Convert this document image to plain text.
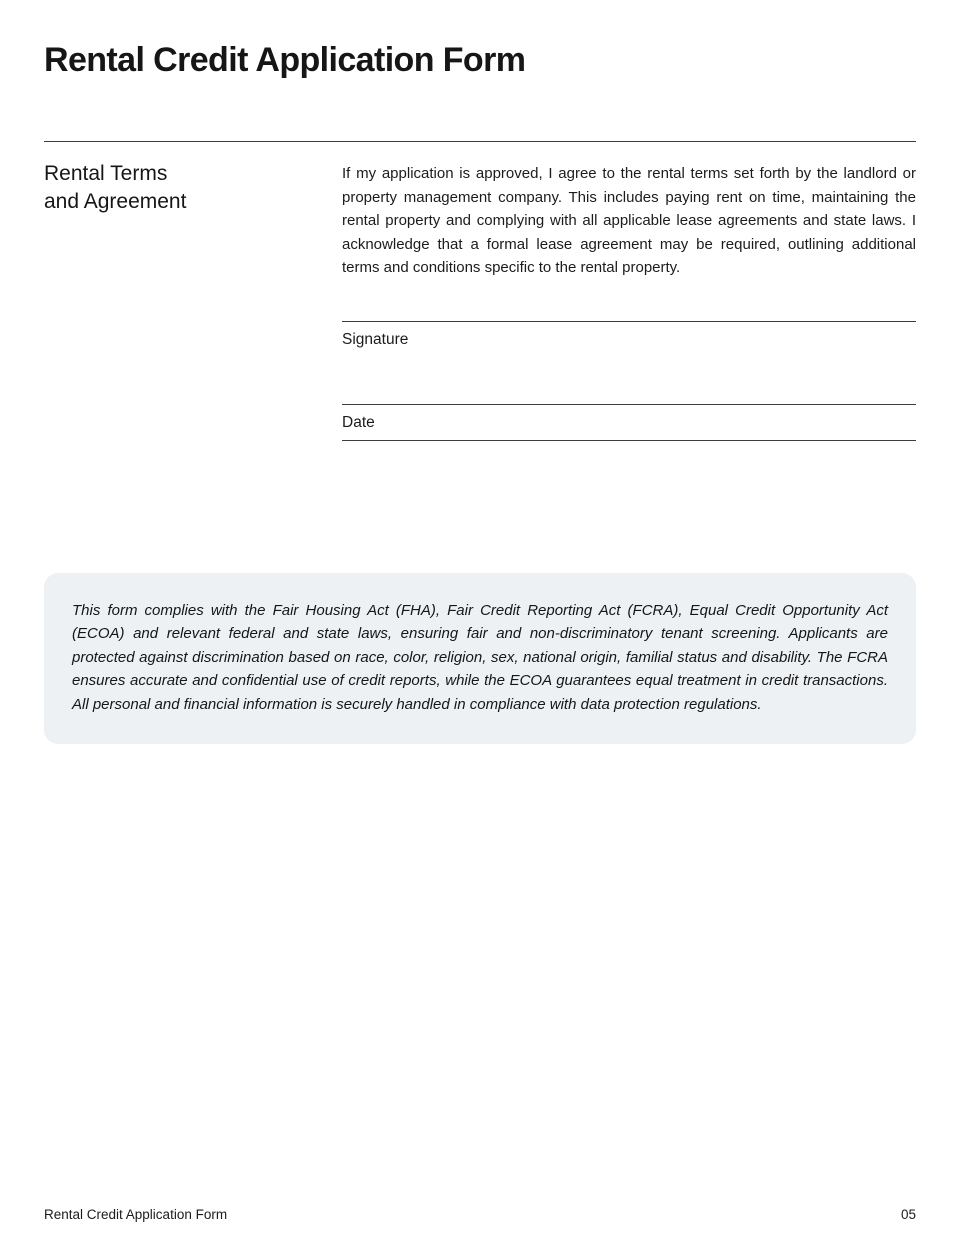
Rental Credit Application Form
Rental Terms
and Agreement

If my application is approved, I agree to the rental terms set forth by the landlord or property management company. This includes paying rent on time, maintaining the rental property and complying with all applicable lease agreements and state laws. I acknowledge that a formal lease agreement may be required, outlining additional terms and conditions specific to the rental property.

Signature
Date

This form complies with the Fair Housing Act (FHA), Fair Credit Reporting Act (FCRA), Equal Credit Opportunity Act (ECOA) and relevant federal and state laws, ensuring fair and non-discriminatory tenant screening. Applicants are protected against discrimination based on race, color, religion, sex, national origin, familial status and disability. The FCRA ensures accurate and confidential use of credit reports, while the ECOA guarantees equal treatment in credit transactions. All personal and financial information is securely handled in compliance with data protection regulations.

Rental Credit Application Form	05
